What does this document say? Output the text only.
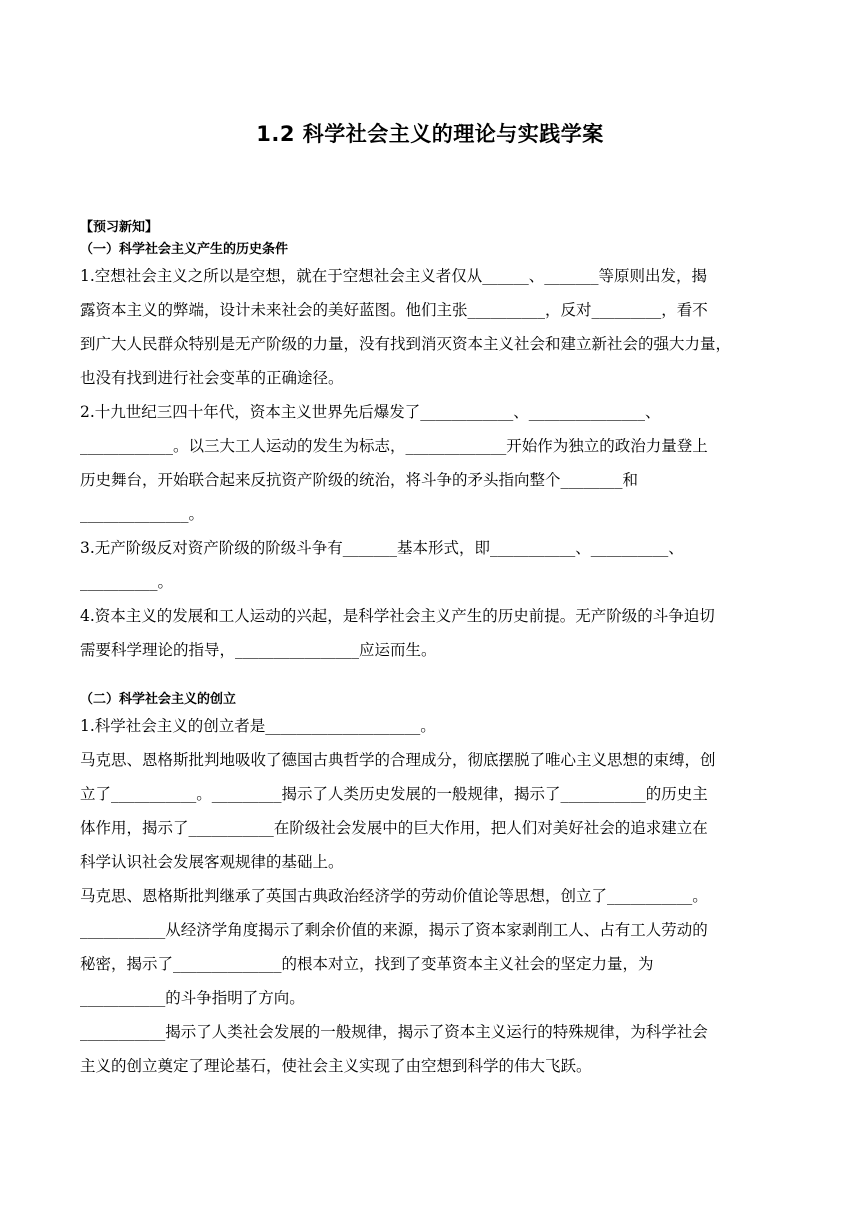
1.2 科学社会主义的理论与实践学案
【预习新知】
（一）科学社会主义产生的历史条件
1.空想社会主义之所以是空想，就在于空想社会主义者仅从______、_______等原则出发，揭
露资本主义的弊端，设计未来社会的美好蓝图。他们主张__________，反对_________，看不
到广大人民群众特别是无产阶级的力量，没有找到消灭资本主义社会和建立新社会的强大力量，
也没有找到进行社会变革的正确途径。
2.十九世纪三四十年代，资本主义世界先后爆发了____________、_______________、
____________。以三大工人运动的发生为标志，_____________开始作为独立的政治力量登上
历史舞台，开始联合起来反抗资产阶级的统治，将斗争的矛头指向整个________和
______________。
3.无产阶级反对资产阶级的阶级斗争有_______基本形式，即___________、__________、
__________。
4.资本主义的发展和工人运动的兴起，是科学社会主义产生的历史前提。无产阶级的斗争迫切
需要科学理论的指导，________________应运而生。
（二）科学社会主义的创立
1.科学社会主义的创立者是____________________。
马克思、恩格斯批判地吸收了德国古典哲学的合理成分，彻底摆脱了唯心主义思想的束缚，创
立了___________。_________揭示了人类历史发展的一般规律，揭示了___________的历史主
体作用，揭示了___________在阶级社会发展中的巨大作用，把人们对美好社会的追求建立在
科学认识社会发展客观规律的基础上。
马克思、恩格斯批判继承了英国古典政治经济学的劳动价值论等思想，创立了___________。
___________从经济学角度揭示了剩余价值的来源，揭示了资本家剥削工人、占有工人劳动的
秘密，揭示了______________的根本对立，找到了变革资本主义社会的坚定力量，为
___________的斗争指明了方向。
___________揭示了人类社会发展的一般规律，揭示了资本主义运行的特殊规律，为科学社会
主义的创立奠定了理论基石，使社会主义实现了由空想到科学的伟大飞跃。
